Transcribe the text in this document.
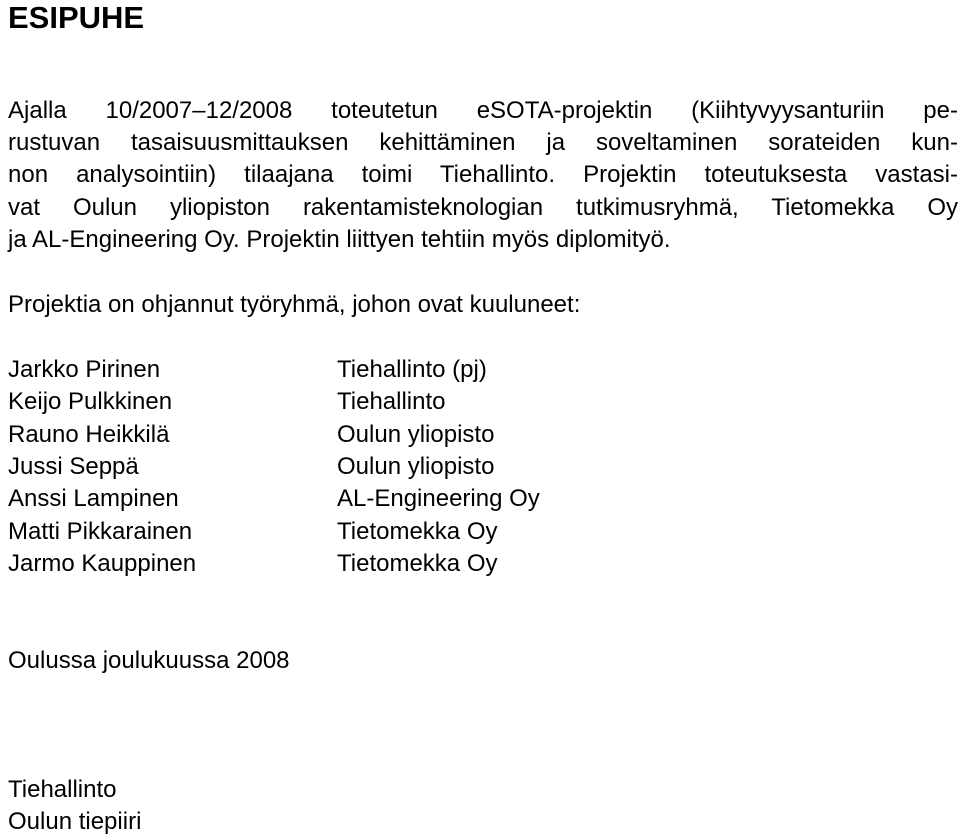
ESIPUHE
Ajalla 10/2007–12/2008 toteutetun eSOTA-projektin (Kiihtyvyysanturiin pe-
rustuvan tasaisuusmittauksen kehittäminen ja soveltaminen sorateiden kun-
non analysointiin) tilaajana toimi Tiehallinto. Projektin toteutuksesta vastasi-
vat Oulun yliopiston rakentamisteknologian tutkimusryhmä, Tietomekka Oy
ja AL-Engineering Oy. Projektin liittyen tehtiin myös diplomityö.
Projektia on ohjannut työryhmä, johon ovat kuuluneet:
Jarkko Pirinen	Tiehallinto (pj)
Keijo Pulkkinen	Tiehallinto
Rauno Heikkilä	Oulun yliopisto
Jussi Seppä	Oulun yliopisto
Anssi Lampinen	AL-Engineering Oy
Matti Pikkarainen	Tietomekka Oy
Jarmo Kauppinen	Tietomekka Oy
Oulussa joulukuussa 2008
Tiehallinto
Oulun tiepiiri
